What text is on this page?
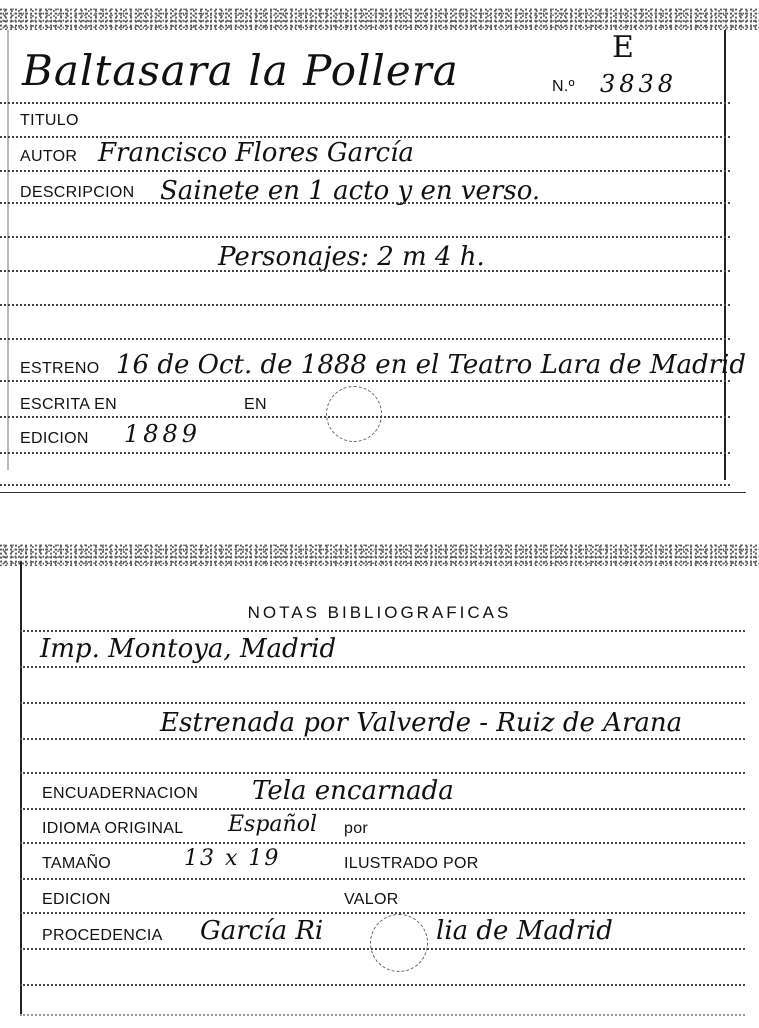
E
Baltasara la Pollera	N.º 3838
TITULO
AUTOR Francisco Flores García
DESCRIPCION Sainete en 1 acto y en verso.
Personajes: 2 m 4 h.
ESTRENO 16 de Oct. de 1888 en el Teatro Lara de Madrid
ESCRITA EN	EN
EDICION 1889
NOTAS BIBLIOGRAFICAS
Imp. Montoya, Madrid
Estrenada por Valverde - Ruiz de Arana
ENCUADERNACION Tela encarnada
IDIOMA ORIGINAL Español por
TAMAÑO	13 x 19	ILUSTRADO POR
EDICION	VALOR
PROCEDENCIA García Ri	lia de Madrid
